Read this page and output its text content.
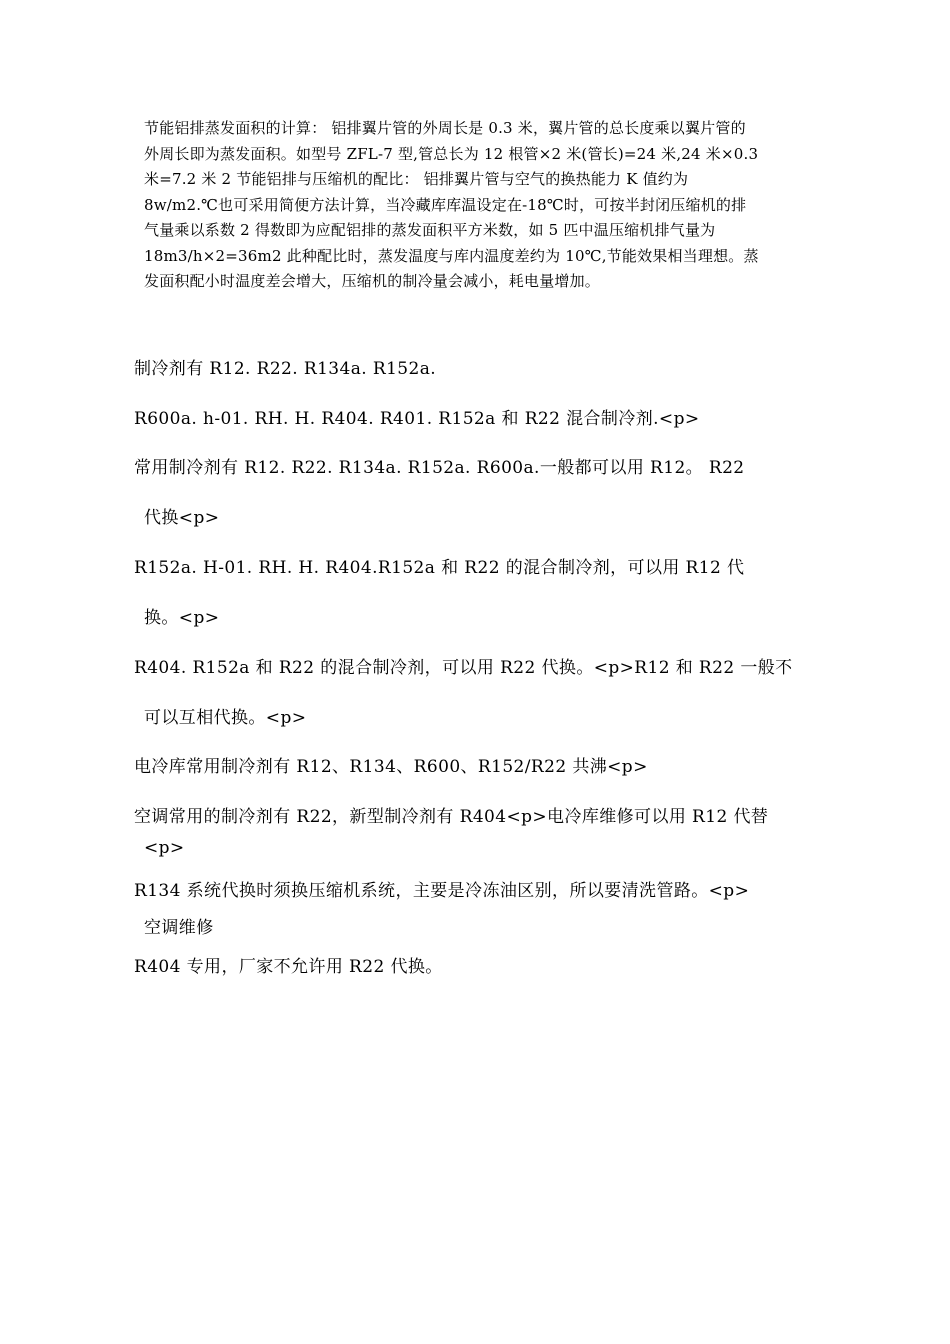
节能铝排蒸发面积的计算： 铝排翼片管的外周长是 0.3 米，翼片管的总长度乘以翼片管的
外周长即为蒸发面积。如型号 ZFL-7 型,管总长为 12 根管×2 米(管长)=24 米,24 米×0.3
米=7.2 米 2 节能铝排与压缩机的配比： 铝排翼片管与空气的换热能力 K 值约为
8w/m2.℃也可采用简便方法计算，当冷藏库库温设定在-18℃时，可按半封闭压缩机的排
气量乘以系数 2 得数即为应配铝排的蒸发面积平方米数，如 5 匹中温压缩机排气量为
18m3/h×2=36m2 此种配比时，蒸发温度与库内温度差约为 10℃,节能效果相当理想。蒸
发面积配小时温度差会增大，压缩机的制冷量会减小，耗电量增加。
制冷剂有 R12. R22. R134a. R152a.
R600a. h-01. RH. H. R404. R401. R152a 和 R22 混合制冷剂.<p>
常用制冷剂有 R12. R22. R134a. R152a. R600a.一般都可以用 R12。 R22
代换<p>
R152a. H-01. RH. H. R404.R152a 和 R22 的混合制冷剂，可以用 R12 代
换。<p>
R404. R152a 和 R22 的混合制冷剂，可以用 R22 代换。<p>R12 和 R22 一般不
可以互相代换。<p>
电冷库常用制冷剂有 R12、R134、R600、R152/R22 共沸<p>
空调常用的制冷剂有 R22，新型制冷剂有 R404<p>电冷库维修可以用 R12 代替
<p>
R134 系统代换时须换压缩机系统，主要是冷冻油区别，所以要清洗管路。<p>
空调维修
R404 专用，厂家不允许用 R22 代换。
